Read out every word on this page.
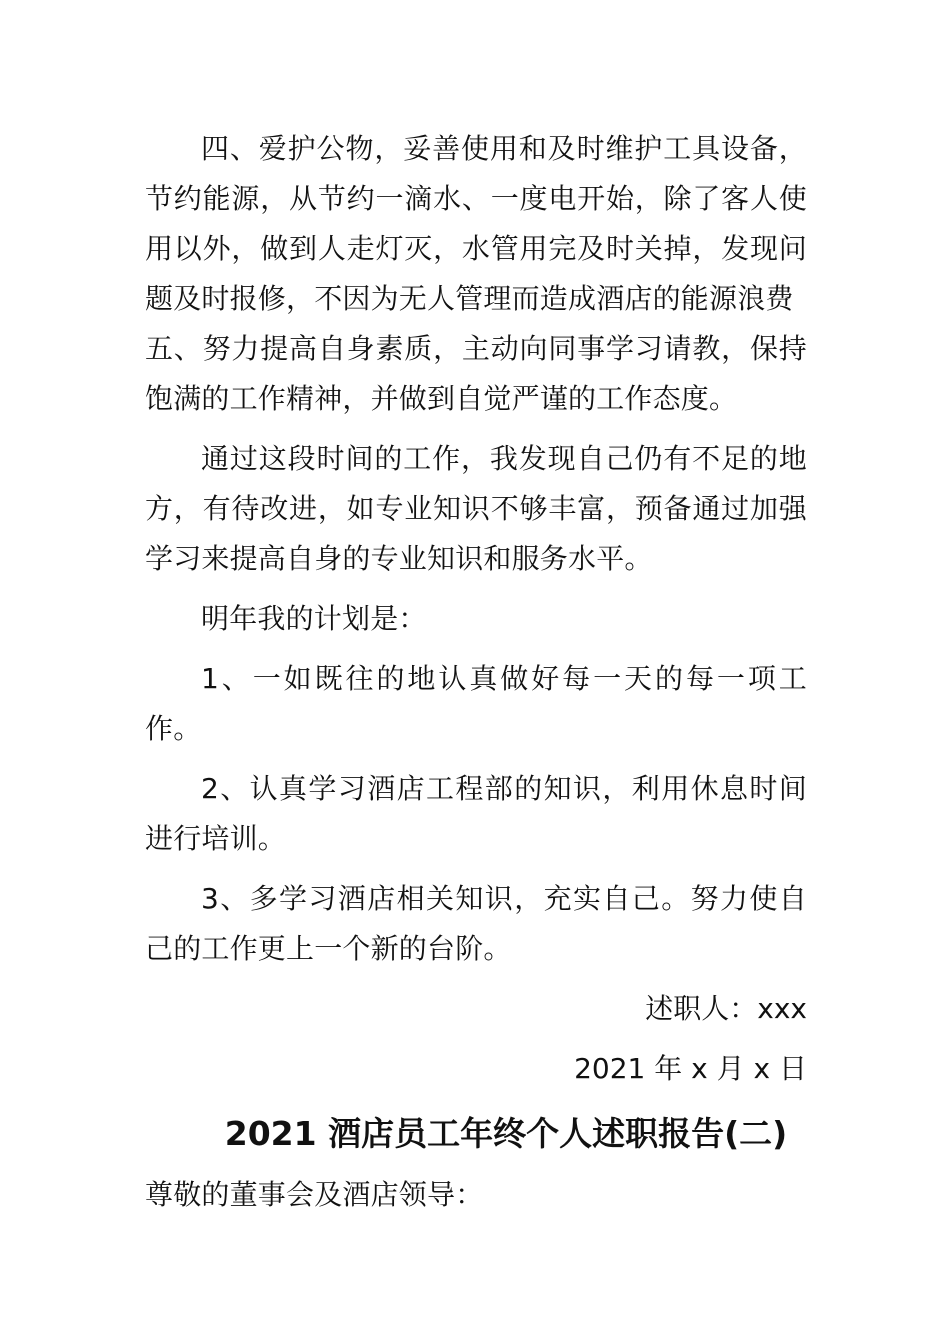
四、爱护公物，妥善使用和及时维护工具设备，节约能源，从节约一滴水、一度电开始，除了客人使用以外，做到人走灯灭，水管用完及时关掉，发现问题及时报修，不因为无人管理而造成酒店的能源浪费

五、努力提高自身素质，主动向同事学习请教，保持饱满的工作精神，并做到自觉严谨的工作态度。

通过这段时间的工作，我发现自己仍有不足的地方，有待改进，如专业知识不够丰富，预备通过加强学习来提高自身的专业知识和服务水平。

明年我的计划是：

1、一如既往的地认真做好每一天的每一项工作。

2、认真学习酒店工程部的知识，利用休息时间进行培训。

3、多学习酒店相关知识，充实自己。努力使自己的工作更上一个新的台阶。

述职人：xxx

2021 年 x 月 x 日

2021 酒店员工年终个人述职报告(二)

尊敬的董事会及酒店领导：
